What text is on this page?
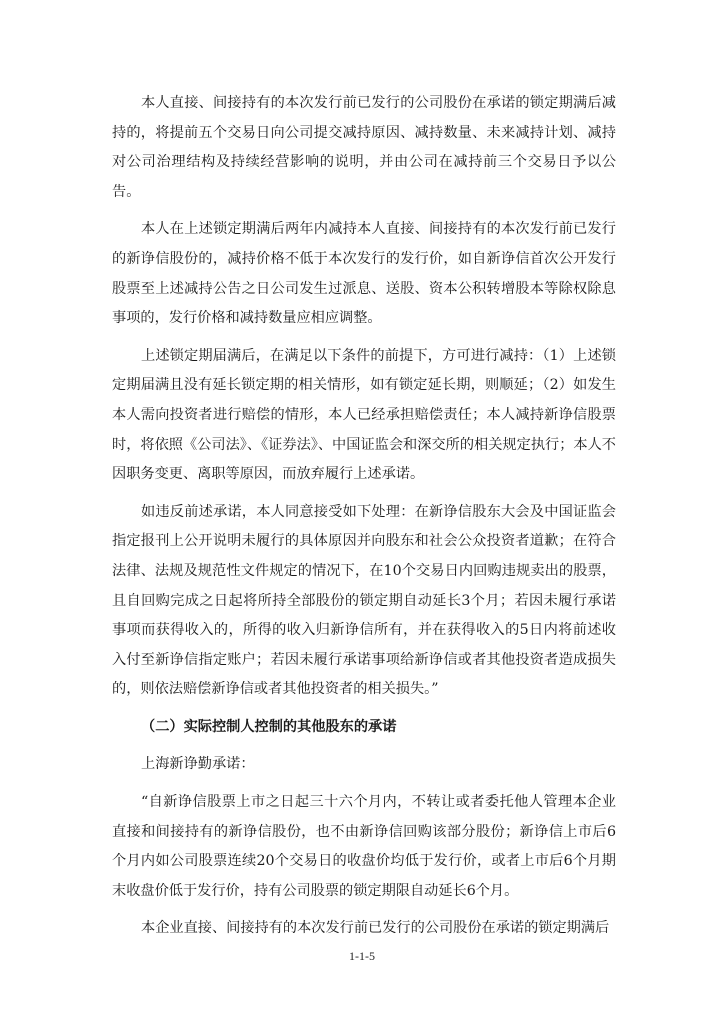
本人直接、间接持有的本次发行前已发行的公司股份在承诺的锁定期满后减持的，将提前五个交易日向公司提交减持原因、减持数量、未来减持计划、减持对公司治理结构及持续经营影响的说明，并由公司在减持前三个交易日予以公告。

本人在上述锁定期满后两年内减持本人直接、间接持有的本次发行前已发行的新诤信股份的，减持价格不低于本次发行的发行价，如自新诤信首次公开发行股票至上述减持公告之日公司发生过派息、送股、资本公积转增股本等除权除息事项的，发行价格和减持数量应相应调整。

上述锁定期届满后，在满足以下条件的前提下，方可进行减持：（1）上述锁定期届满且没有延长锁定期的相关情形，如有锁定延长期，则顺延；（2）如发生本人需向投资者进行赔偿的情形，本人已经承担赔偿责任；本人减持新诤信股票时，将依照《公司法》、《证券法》、中国证监会和深交所的相关规定执行；本人不因职务变更、离职等原因，而放弃履行上述承诺。

如违反前述承诺，本人同意接受如下处理：在新诤信股东大会及中国证监会指定报刊上公开说明未履行的具体原因并向股东和社会公众投资者道歉；在符合法律、法规及规范性文件规定的情况下，在10个交易日内回购违规卖出的股票，且自回购完成之日起将所持全部股份的锁定期自动延长3个月；若因未履行承诺事项而获得收入的，所得的收入归新诤信所有，并在获得收入的5日内将前述收入付至新诤信指定账户；若因未履行承诺事项给新诤信或者其他投资者造成损失的，则依法赔偿新诤信或者其他投资者的相关损失。”

（二）实际控制人控制的其他股东的承诺

上海新诤勤承诺：

“自新诤信股票上市之日起三十六个月内，不转让或者委托他人管理本企业直接和间接持有的新诤信股份，也不由新诤信回购该部分股份；新诤信上市后6个月内如公司股票连续20个交易日的收盘价均低于发行价，或者上市后6个月期末收盘价低于发行价，持有公司股票的锁定期限自动延长6个月。

本企业直接、间接持有的本次发行前已发行的公司股份在承诺的锁定期满后

1-1-5
